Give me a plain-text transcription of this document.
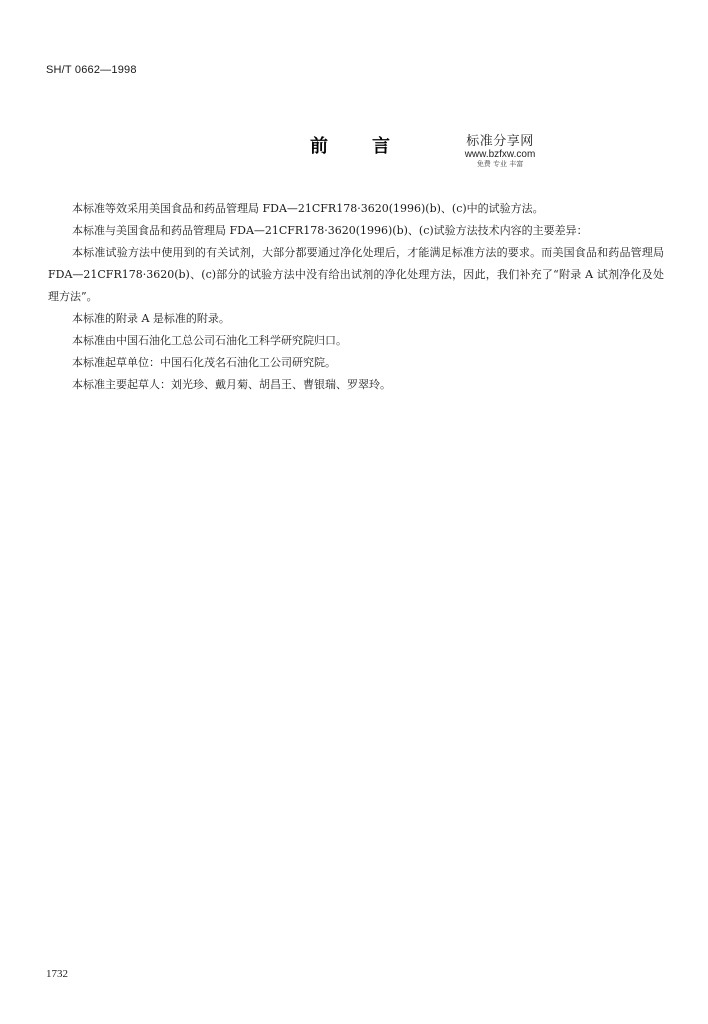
SH/T 0662—1998
前 言	标准分享网
www.bzfxw.com
免费 专业 丰富

本标准等效采用美国食品和药品管理局 FDA—21CFR178·3620(1996)(b)、(c)中的试验方法。

本标准与美国食品和药品管理局 FDA—21CFR178·3620(1996)(b)、(c)试验方法技术内容的主要差异：

本标准试验方法中使用到的有关试剂，大部分都要通过净化处理后，才能满足标准方法的要求。而美国食品和药品管理局 FDA—21CFR178·3620(b)、(c)部分的试验方法中没有给出试剂的净化处理方法，因此，我们补充了“附录 A 试剂净化及处理方法”。

本标准的附录 A 是标准的附录。

本标准由中国石油化工总公司石油化工科学研究院归口。

本标准起草单位：中国石化茂名石油化工公司研究院。

本标准主要起草人：刘光珍、戴月菊、胡昌王、曹银瑞、罗翠玲。

1732
